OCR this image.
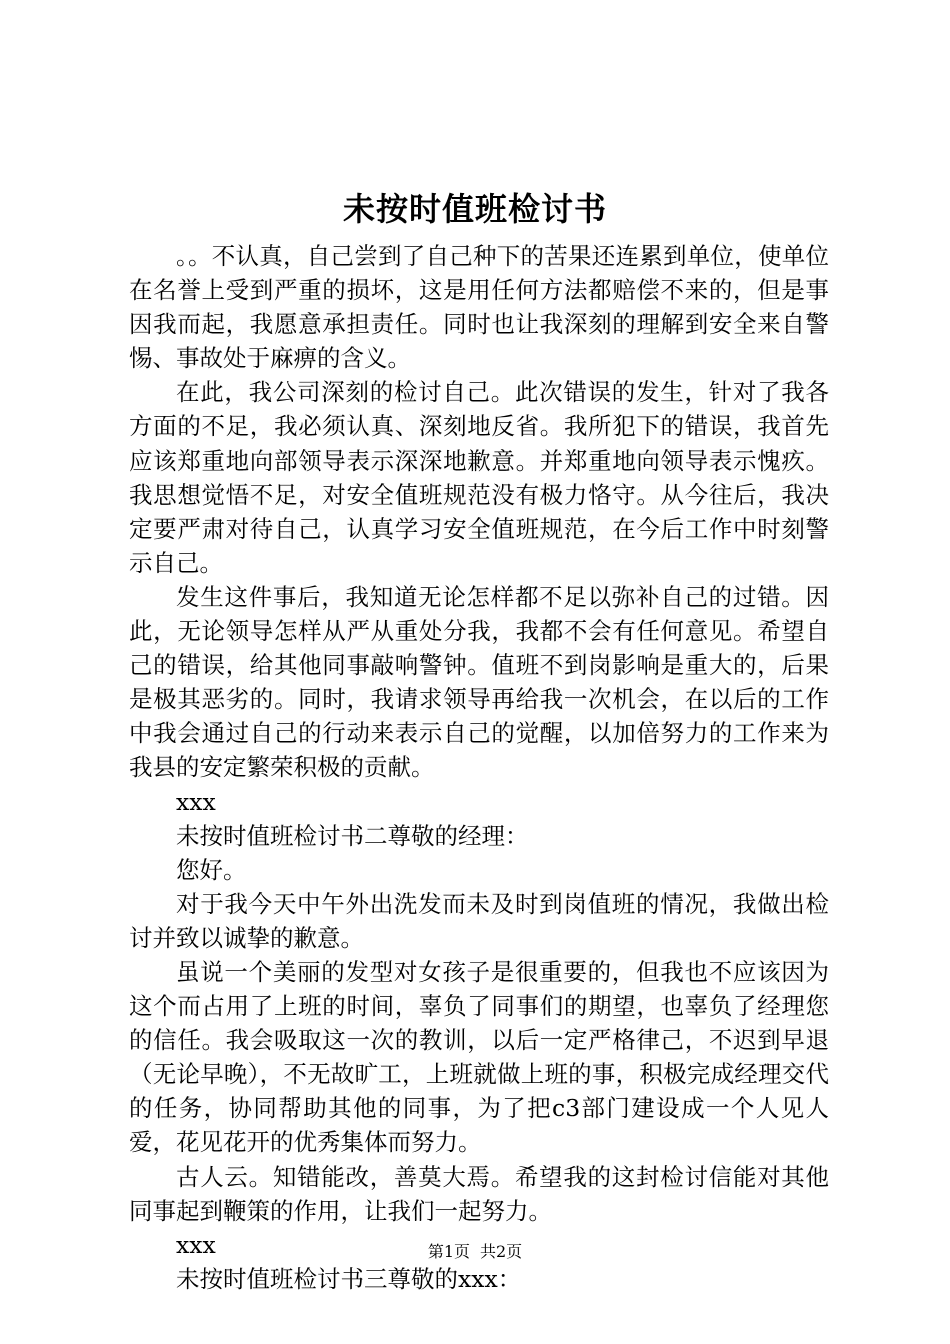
未按时值班检讨书

。。不认真，自己尝到了自己种下的苦果还连累到单位，使单位在名誉上受到严重的损坏，这是用任何方法都赔偿不来的，但是事因我而起，我愿意承担责任。同时也让我深刻的理解到安全来自警惕、事故处于麻痹的含义。

在此，我公司深刻的检讨自己。此次错误的发生，针对了我各方面的不足，我必须认真、深刻地反省。我所犯下的错误，我首先应该郑重地向部领导表示深深地歉意。并郑重地向领导表示愧疚。我思想觉悟不足，对安全值班规范没有极力恪守。从今往后，我决定要严肃对待自己，认真学习安全值班规范，在今后工作中时刻警示自己。

发生这件事后，我知道无论怎样都不足以弥补自己的过错。因此，无论领导怎样从严从重处分我，我都不会有任何意见。希望自己的错误，给其他同事敲响警钟。值班不到岗影响是重大的，后果是极其恶劣的。同时，我请求领导再给我一次机会，在以后的工作中我会通过自己的行动来表示自己的觉醒，以加倍努力的工作来为我县的安定繁荣积极的贡献。

xxx

未按时值班检讨书二尊敬的经理：

您好。

对于我今天中午外出洗发而未及时到岗值班的情况，我做出检讨并致以诚挚的歉意。

虽说一个美丽的发型对女孩子是很重要的，但我也不应该因为这个而占用了上班的时间，辜负了同事们的期望，也辜负了经理您的信任。我会吸取这一次的教训，以后一定严格律己，不迟到早退（无论早晚），不无故旷工，上班就做上班的事，积极完成经理交代的任务，协同帮助其他的同事，为了把c3部门建设成一个人见人爱，花见花开的优秀集体而努力。

古人云。知错能改，善莫大焉。希望我的这封检讨信能对其他同事起到鞭策的作用，让我们一起努力。

xxx

未按时值班检讨书三尊敬的xxx：

第1页 共2页
